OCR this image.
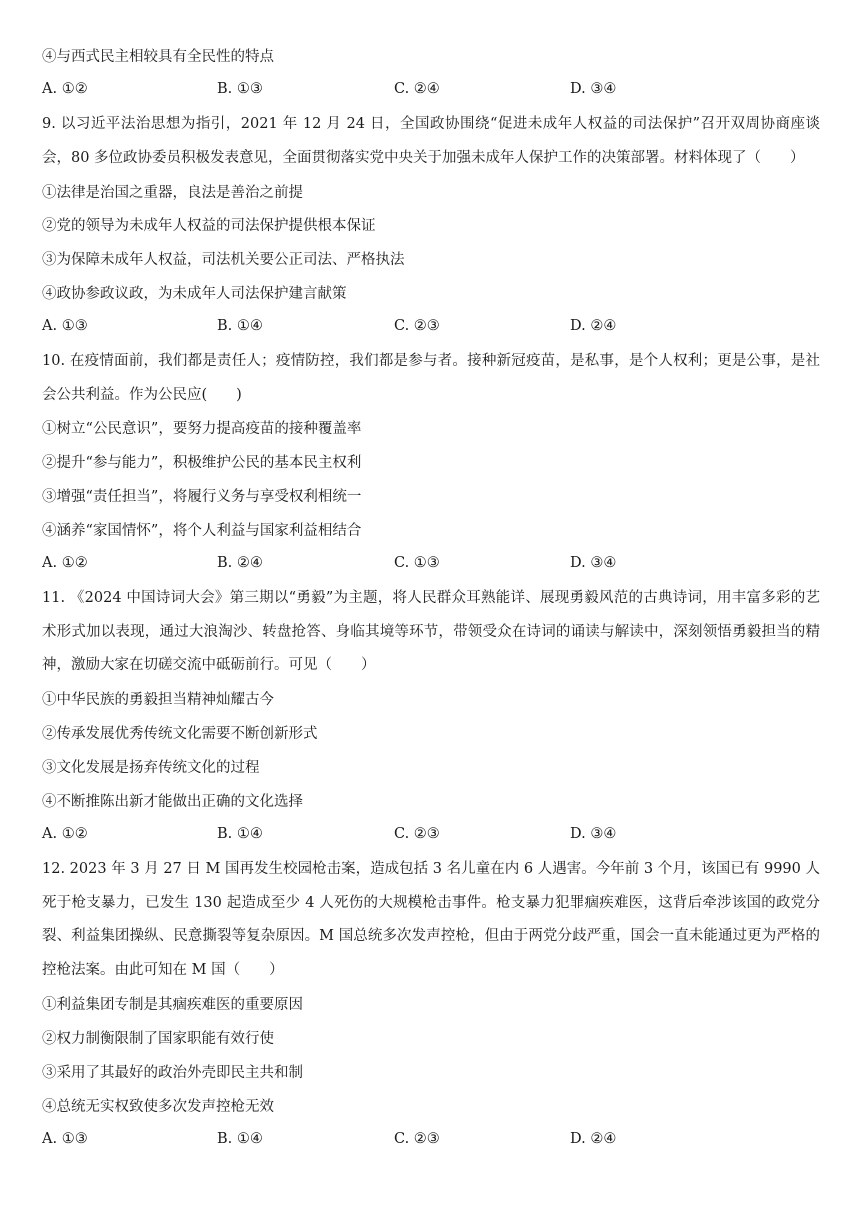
④与西式民主相较具有全民性的特点
A. ①②	B. ①③	C. ②④	D. ③④
9. 以习近平法治思想为指引，2021 年 12 月 24 日，全国政协围绕“促进未成年人权益的司法保护”召开双周协商座谈会，80 多位政协委员积极发表意见，全面贯彻落实党中央关于加强未成年人保护工作的决策部署。材料体现了（　　）
①法律是治国之重器，良法是善治之前提
②党的领导为未成年人权益的司法保护提供根本保证
③为保障未成年人权益，司法机关要公正司法、严格执法
④政协参政议政，为未成年人司法保护建言献策
A. ①③	B. ①④	C. ②③	D. ②④
10. 在疫情面前，我们都是责任人；疫情防控，我们都是参与者。接种新冠疫苗，是私事，是个人权利；更是公事，是社会公共利益。作为公民应(　　)
①树立“公民意识”，要努力提高疫苗的接种覆盖率
②提升“参与能力”，积极维护公民的基本民主权利
③增强“责任担当”，将履行义务与享受权利相统一
④涵养“家国情怀”，将个人利益与国家利益相结合
A. ①②	B. ②④	C. ①③	D. ③④
11. 《2024 中国诗词大会》第三期以“勇毅”为主题，将人民群众耳熟能详、展现勇毅风范的古典诗词，用丰富多彩的艺术形式加以表现，通过大浪淘沙、转盘抢答、身临其境等环节，带领受众在诗词的诵读与解读中，深刻领悟勇毅担当的精神，激励大家在切磋交流中砥砺前行。可见（　　）
①中华民族的勇毅担当精神灿耀古今
②传承发展优秀传统文化需要不断创新形式
③文化发展是扬弃传统文化的过程
④不断推陈出新才能做出正确的文化选择
A. ①②	B. ①④	C. ②③	D. ③④
12. 2023 年 3 月 27 日 M 国再发生校园枪击案，造成包括 3 名儿童在内 6 人遇害。今年前 3 个月，该国已有 9990 人死于枪支暴力，已发生 130 起造成至少 4 人死伤的大规模枪击事件。枪支暴力犯罪痼疾难医，这背后牵涉该国的政党分裂、利益集团操纵、民意撕裂等复杂原因。M 国总统多次发声控枪，但由于两党分歧严重，国会一直未能通过更为严格的控枪法案。由此可知在 M 国（　　）
①利益集团专制是其痼疾难医的重要原因
②权力制衡限制了国家职能有效行使
③采用了其最好的政治外壳即民主共和制
④总统无实权致使多次发声控枪无效
A. ①③	B. ①④	C. ②③	D. ②④
